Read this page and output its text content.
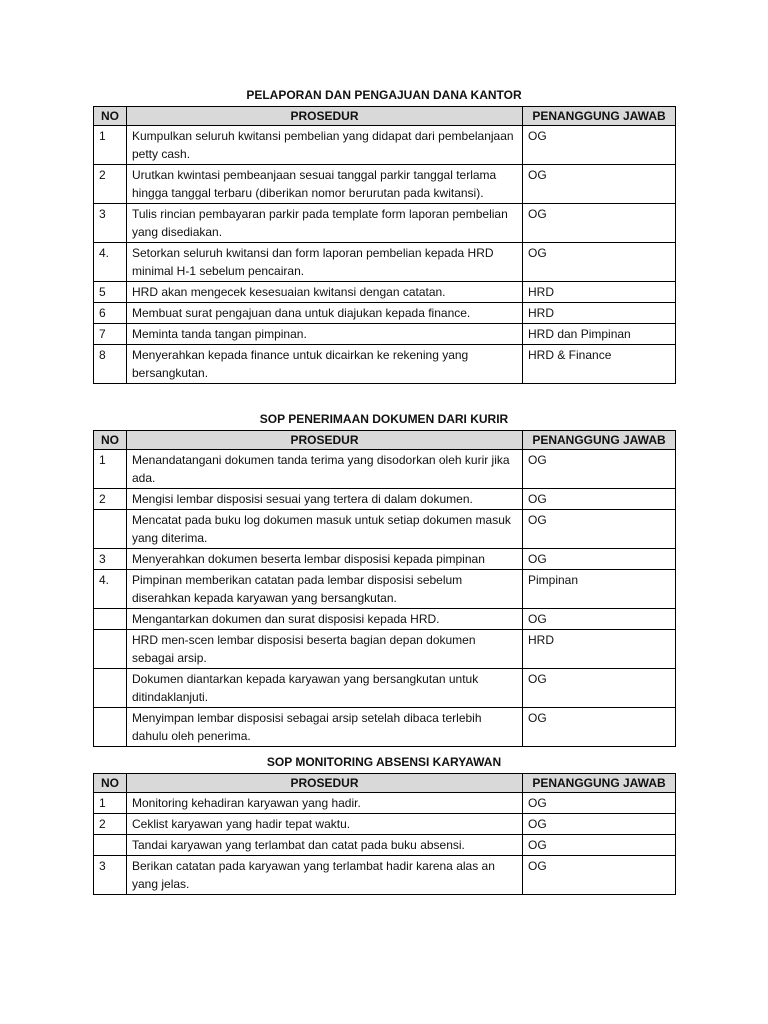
PELAPORAN DAN PENGAJUAN DANA KANTOR
NO	PROSEDUR	PENANGGUNG JAWAB
1	Kumpulkan seluruh kwitansi pembelian yang didapat dari pembelanjaan petty cash.	OG
2	Urutkan kwintasi pembeanjaan sesuai tanggal parkir tanggal terlama hingga tanggal terbaru (diberikan nomor berurutan pada kwitansi).	OG
3	Tulis rincian pembayaran parkir pada template form laporan pembelian yang disediakan.	OG
4.	Setorkan seluruh kwitansi dan form laporan pembelian kepada HRD minimal H-1 sebelum pencairan.	OG
5	HRD akan mengecek kesesuaian kwitansi dengan catatan.	HRD
6	Membuat surat pengajuan dana untuk diajukan kepada finance.	HRD
7	Meminta tanda tangan pimpinan.	HRD dan Pimpinan
8	Menyerahkan kepada finance untuk dicairkan ke rekening yang bersangkutan.	HRD & Finance
SOP PENERIMAAN DOKUMEN DARI KURIR
NO	PROSEDUR	PENANGGUNG JAWAB
1	Menandatangani dokumen tanda terima yang disodorkan oleh kurir jika ada.	OG
2	Mengisi lembar disposisi sesuai yang tertera di dalam dokumen.	OG
	Mencatat pada buku log dokumen masuk untuk setiap dokumen masuk yang diterima.	OG
3	Menyerahkan dokumen beserta lembar disposisi kepada pimpinan	OG
4.	Pimpinan memberikan catatan pada lembar disposisi sebelum diserahkan kepada karyawan yang bersangkutan.	Pimpinan
	Mengantarkan dokumen dan surat disposisi kepada HRD.	OG
	HRD men-scen lembar disposisi beserta bagian depan dokumen sebagai arsip.	HRD
	Dokumen diantarkan kepada karyawan yang bersangkutan untuk ditindaklanjuti.	OG
	Menyimpan lembar disposisi sebagai arsip setelah dibaca terlebih dahulu oleh penerima.	OG
SOP MONITORING ABSENSI KARYAWAN
NO	PROSEDUR	PENANGGUNG JAWAB
1	Monitoring kehadiran karyawan yang hadir.	OG
2	Ceklist karyawan yang hadir tepat waktu.	OG
	Tandai karyawan yang terlambat dan catat pada buku absensi.	OG
3	Berikan catatan pada karyawan yang terlambat hadir karena alas an yang jelas.	OG
